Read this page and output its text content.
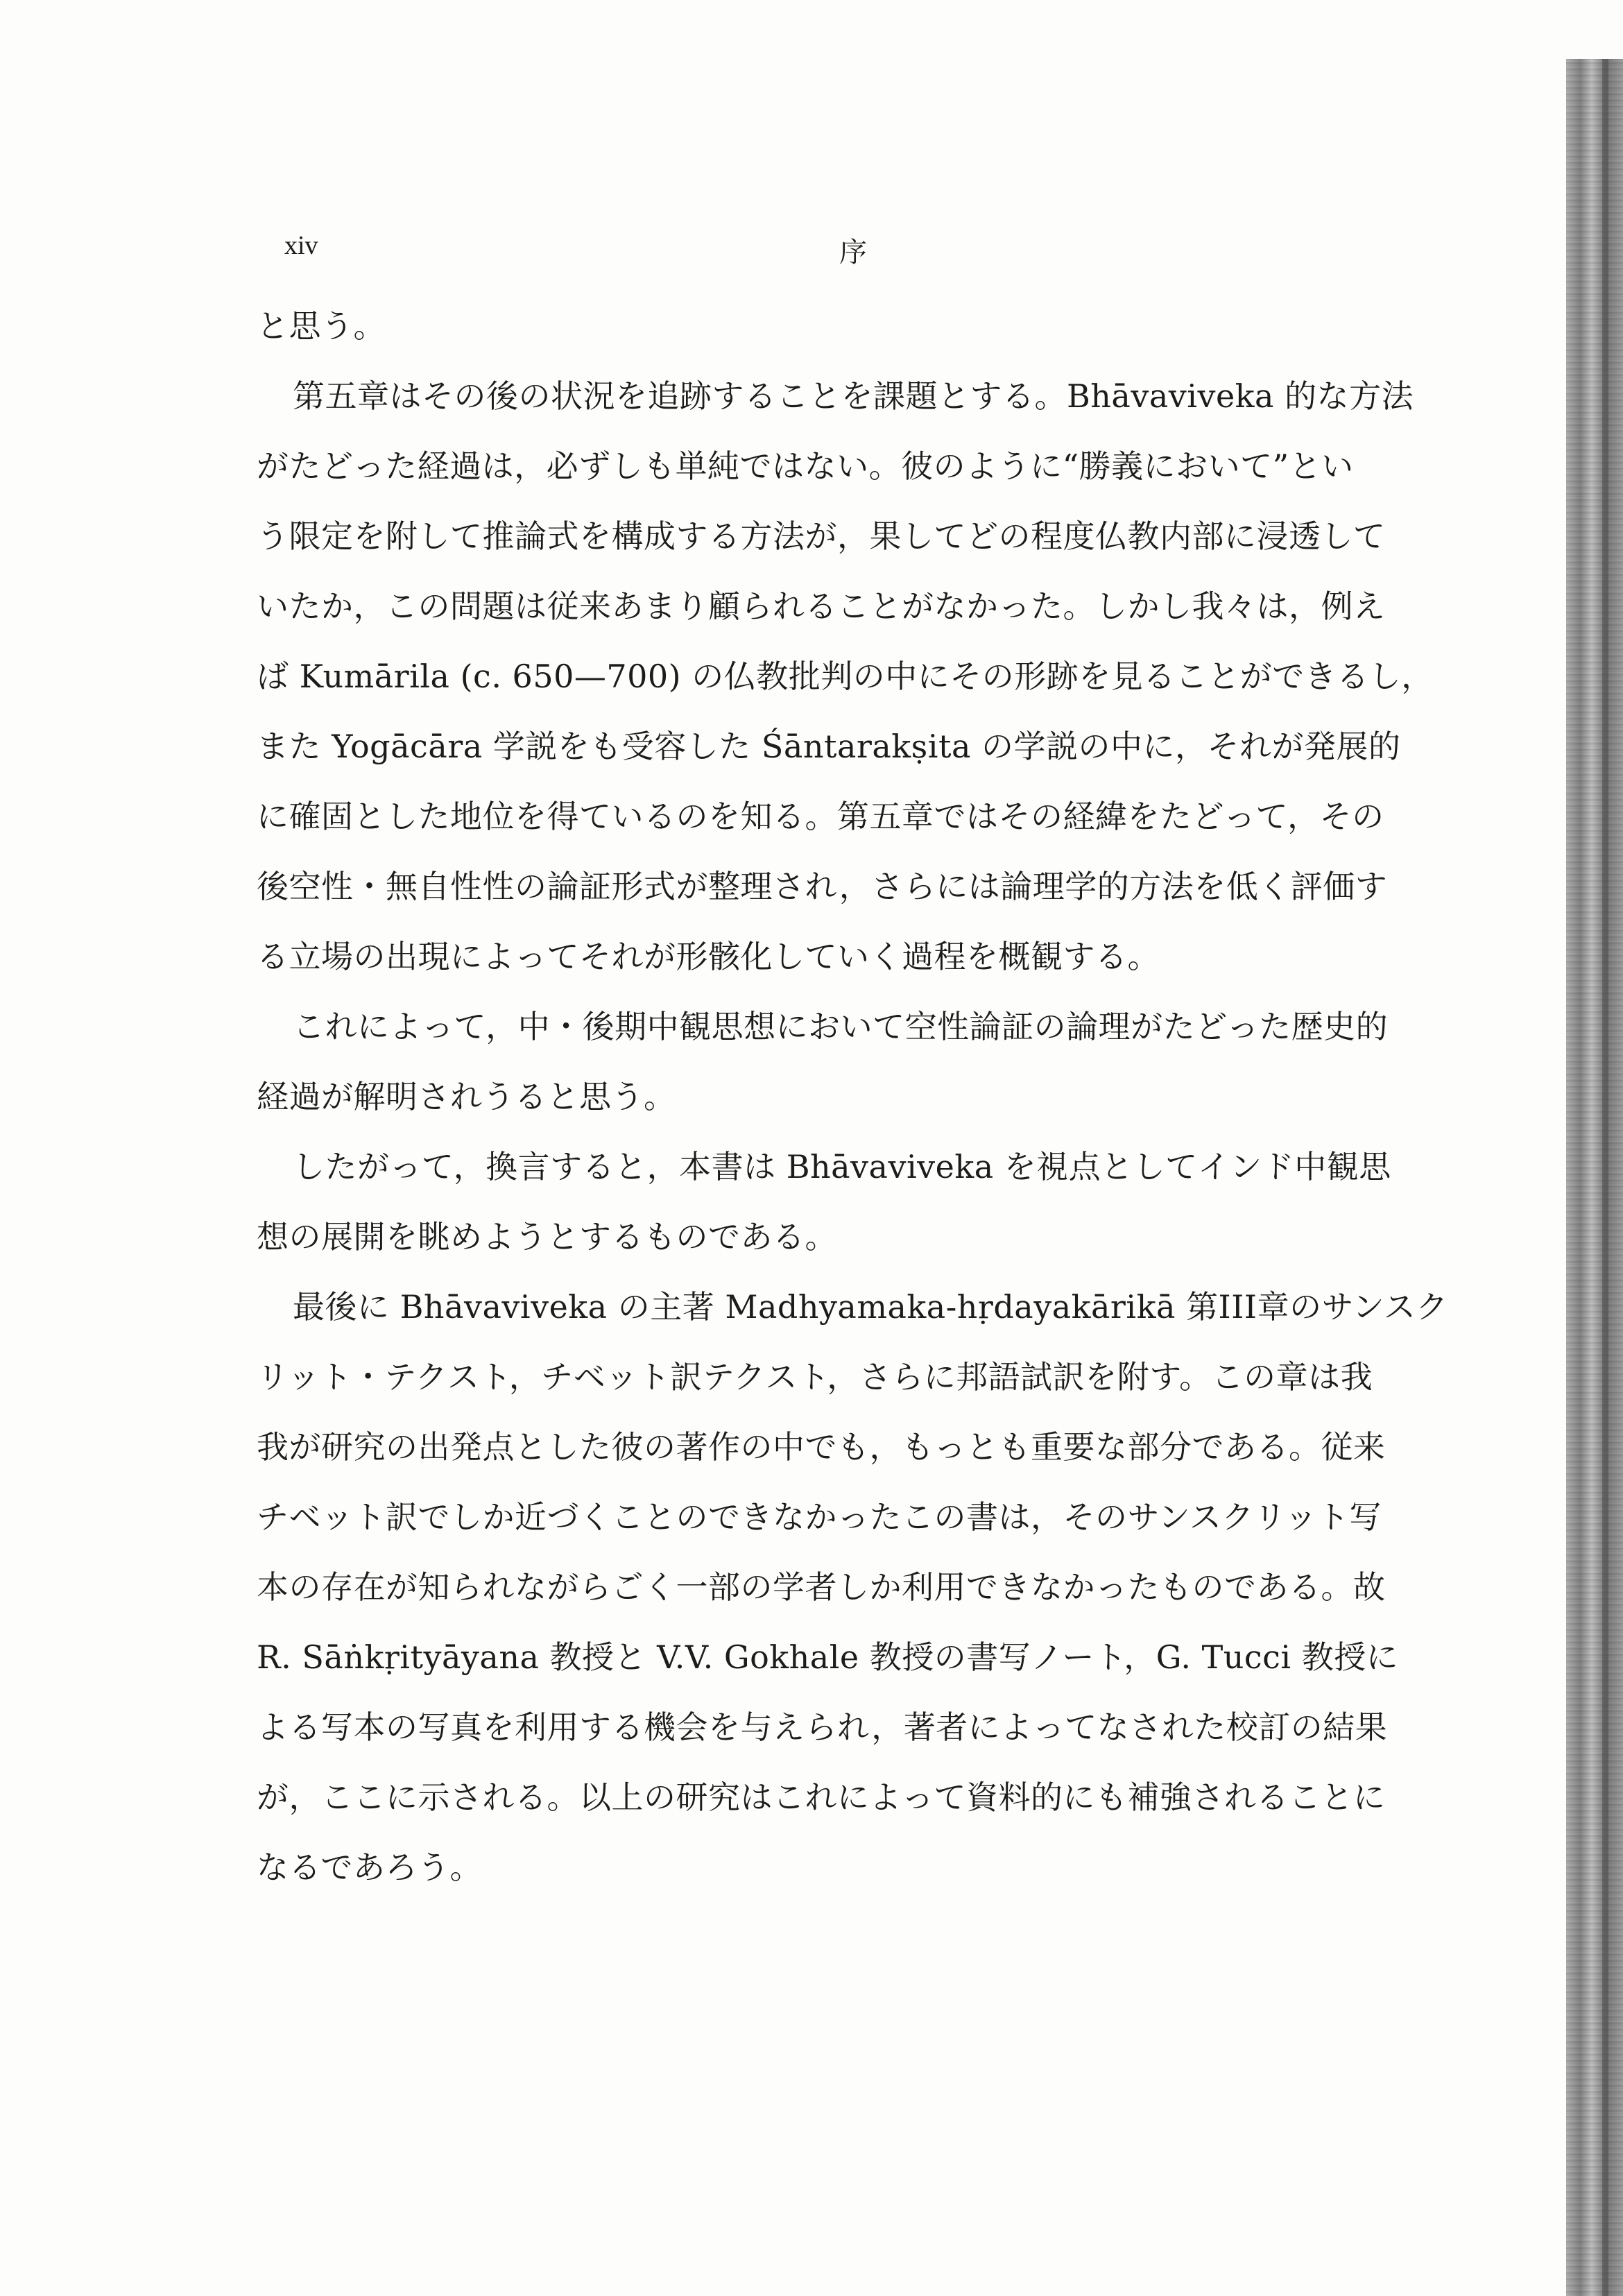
xiv	序
と思う。
第五章はその後の状況を追跡することを課題とする。Bhāvaviveka 的な方法
がたどった経過は，必ずしも単純ではない。彼のように“勝義において”とい
う限定を附して推論式を構成する方法が，果してどの程度仏教内部に浸透して
いたか，この問題は従来あまり顧られることがなかった。しかし我々は，例え
ば Kumārila (c. 650—700) の仏教批判の中にその形跡を見ることができるし，
また Yogācāra 学説をも受容した Śāntarakṣita の学説の中に，それが発展的
に確固とした地位を得ているのを知る。第五章ではその経緯をたどって，その
後空性・無自性性の論証形式が整理され，さらには論理学的方法を低く評価す
る立場の出現によってそれが形骸化していく過程を概観する。
これによって，中・後期中観思想において空性論証の論理がたどった歴史的
経過が解明されうると思う。
したがって，換言すると，本書は Bhāvaviveka を視点としてインド中観思
想の展開を眺めようとするものである。
最後に Bhāvaviveka の主著 Madhyamaka-hṛdayakārikā 第III章のサンスク
リット・テクスト，チベット訳テクスト，さらに邦語試訳を附す。この章は我
我が研究の出発点とした彼の著作の中でも，もっとも重要な部分である。従来
チベット訳でしか近づくことのできなかったこの書は，そのサンスクリット写
本の存在が知られながらごく一部の学者しか利用できなかったものである。故
R. Sāṅkṛityāyana 教授と V.V. Gokhale 教授の書写ノート，G. Tucci 教授に
よる写本の写真を利用する機会を与えられ，著者によってなされた校訂の結果
が，ここに示される。以上の研究はこれによって資料的にも補強されることに
なるであろう。
